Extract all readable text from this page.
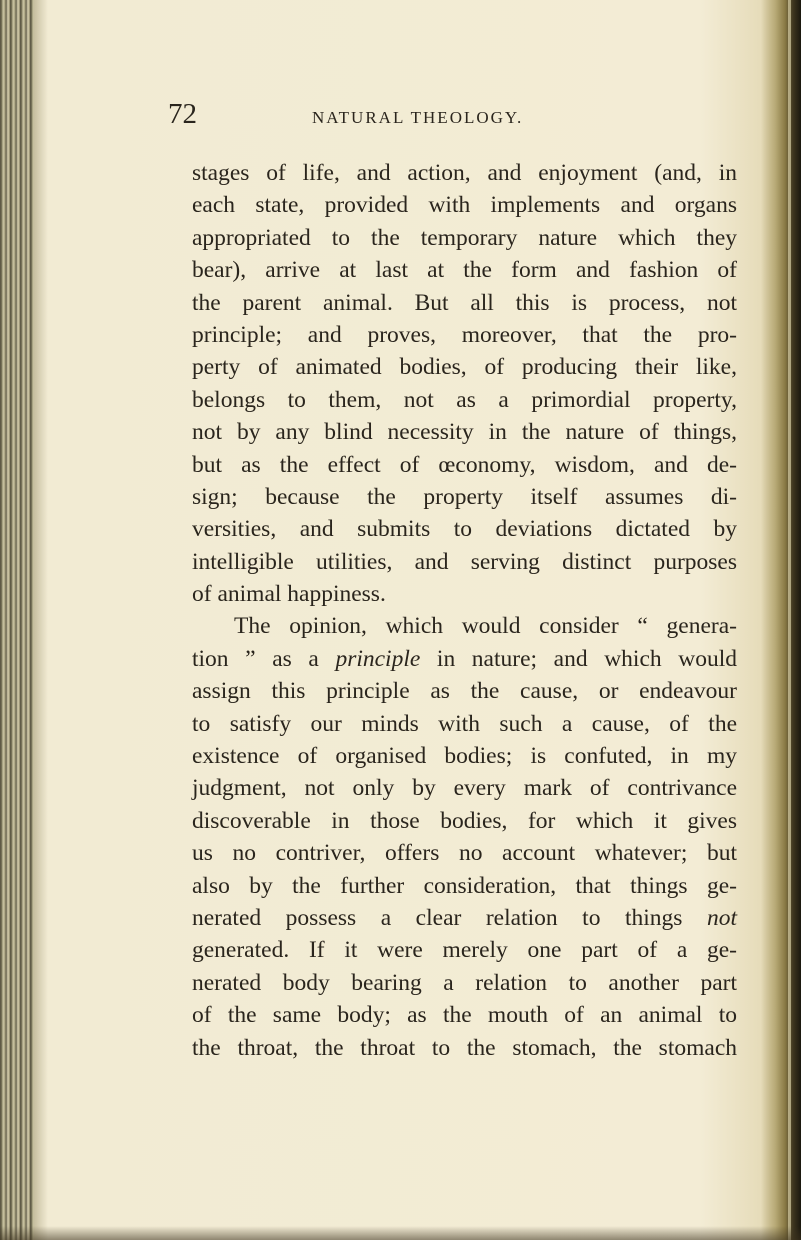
72	NATURAL THEOLOGY.
stages of life, and action, and enjoyment (and, in
each state, provided with implements and organs
appropriated to the temporary nature which they
bear), arrive at last at the form and fashion of
the parent animal. But all this is process, not
principle; and proves, moreover, that the pro-
perty of animated bodies, of producing their like,
belongs to them, not as a primordial property,
not by any blind necessity in the nature of things,
but as the effect of œconomy, wisdom, and de-
sign; because the property itself assumes di-
versities, and submits to deviations dictated by
intelligible utilities, and serving distinct purposes
of animal happiness.
The opinion, which would consider “ genera-
tion ” as a principle in nature; and which would
assign this principle as the cause, or endeavour
to satisfy our minds with such a cause, of the
existence of organised bodies; is confuted, in my
judgment, not only by every mark of contrivance
discoverable in those bodies, for which it gives
us no contriver, offers no account whatever; but
also by the further consideration, that things ge-
nerated possess a clear relation to things not
generated. If it were merely one part of a ge-
nerated body bearing a relation to another part
of the same body; as the mouth of an animal to
the throat, the throat to the stomach, the stomach
